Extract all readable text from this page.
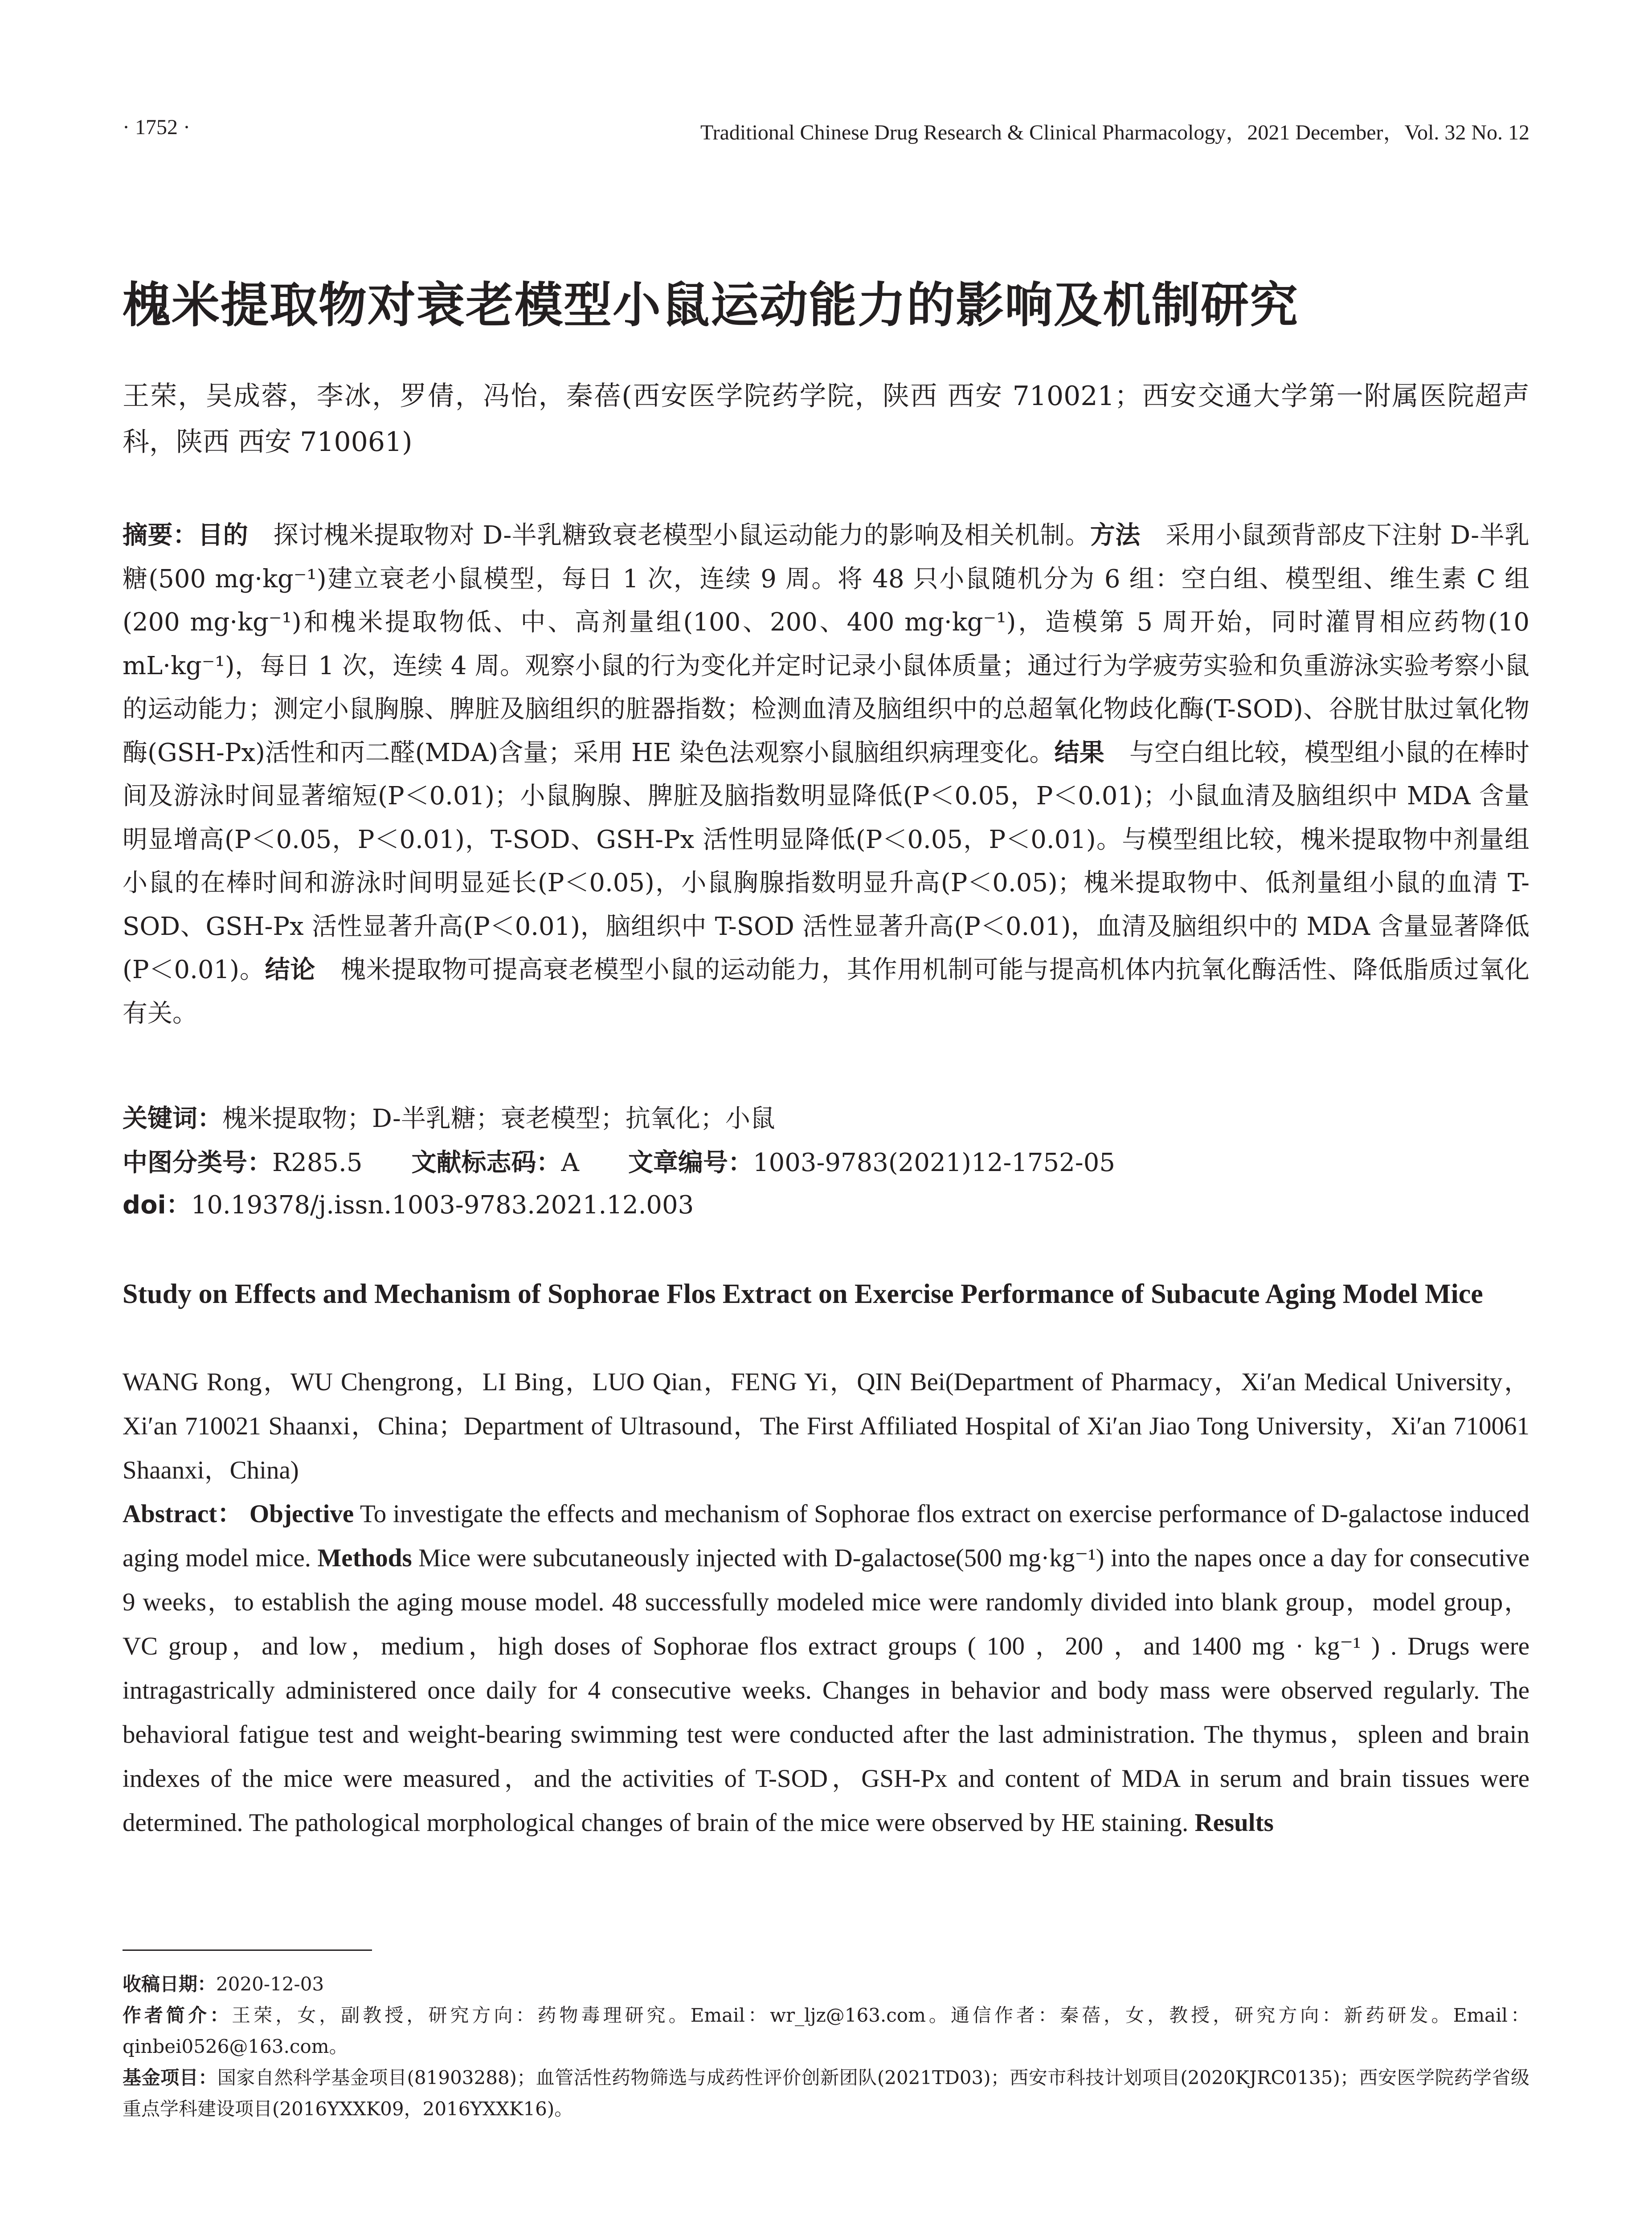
· 1752 ·	Traditional Chinese Drug Research & Clinical Pharmacology，2021 December，Vol. 32 No. 12
槐米提取物对衰老模型小鼠运动能力的影响及机制研究
王荣，吴成蓉，李冰，罗倩，冯怡，秦蓓(西安医学院药学院，陕西 西安 710021；西安交通大学第一附属医院超声科，陕西 西安 710061)
摘要：目的　探讨槐米提取物对 D-半乳糖致衰老模型小鼠运动能力的影响及相关机制。方法　采用小鼠颈背部皮下注射 D-半乳糖(500 mg·kg⁻¹)建立衰老小鼠模型，每日 1 次，连续 9 周。将 48 只小鼠随机分为 6 组：空白组、模型组、维生素 C 组(200 mg·kg⁻¹)和槐米提取物低、中、高剂量组(100、200、400 mg·kg⁻¹)，造模第 5 周开始，同时灌胃相应药物(10 mL·kg⁻¹)，每日 1 次，连续 4 周。观察小鼠的行为变化并定时记录小鼠体质量；通过行为学疲劳实验和负重游泳实验考察小鼠的运动能力；测定小鼠胸腺、脾脏及脑组织的脏器指数；检测血清及脑组织中的总超氧化物歧化酶(T-SOD)、谷胱甘肽过氧化物酶(GSH-Px)活性和丙二醛(MDA)含量；采用 HE 染色法观察小鼠脑组织病理变化。结果　与空白组比较，模型组小鼠的在棒时间及游泳时间显著缩短(P＜0.01)；小鼠胸腺、脾脏及脑指数明显降低(P＜0.05，P＜0.01)；小鼠血清及脑组织中 MDA 含量明显增高(P＜0.05，P＜0.01)，T-SOD、GSH-Px 活性明显降低(P＜0.05，P＜0.01)。与模型组比较，槐米提取物中剂量组小鼠的在棒时间和游泳时间明显延长(P＜0.05)，小鼠胸腺指数明显升高(P＜0.05)；槐米提取物中、低剂量组小鼠的血清 T-SOD、GSH-Px 活性显著升高(P＜0.01)，脑组织中 T-SOD 活性显著升高(P＜0.01)，血清及脑组织中的 MDA 含量显著降低(P＜0.01)。结论　槐米提取物可提高衰老模型小鼠的运动能力，其作用机制可能与提高机体内抗氧化酶活性、降低脂质过氧化有关。
关键词：槐米提取物；D-半乳糖；衰老模型；抗氧化；小鼠
中图分类号：R285.5 文献标志码：A 文章编号：1003-9783(2021)12-1752-05
doi：10.19378/j.issn.1003-9783.2021.12.003
Study on Effects and Mechanism of Sophorae Flos Extract on Exercise Performance of Subacute Aging Model Mice
WANG Rong，WU Chengrong，LI Bing，LUO Qian，FENG Yi，QIN Bei(Department of Pharmacy，Xi′an Medical University，Xi′an 710021 Shaanxi，China；Department of Ultrasound，The First Affiliated Hospital of Xi′an Jiao Tong University，Xi′an 710061 Shaanxi，China)
Abstract： Objective To investigate the effects and mechanism of Sophorae flos extract on exercise performance of D-galactose induced aging model mice. Methods Mice were subcutaneously injected with D-galactose(500 mg·kg⁻¹) into the napes once a day for consecutive 9 weeks，to establish the aging mouse model. 48 successfully modeled mice were randomly divided into blank group，model group，VC group，and low，medium，high doses of Sophorae flos extract groups ( 100 ，200 ，and 1400 mg · kg⁻¹ ) . Drugs were intragastrically administered once daily for 4 consecutive weeks. Changes in behavior and body mass were observed regularly. The behavioral fatigue test and weight-bearing swimming test were conducted after the last administration. The thymus，spleen and brain indexes of the mice were measured，and the activities of T-SOD，GSH-Px and content of MDA in serum and brain tissues were determined. The pathological morphological changes of brain of the mice were observed by HE staining. Results

收稿日期：2020-12-03

作者简介：王荣，女，副教授，研究方向：药物毒理研究。Email：wr_ljz@163.com。通信作者：秦蓓，女，教授，研究方向：新药研发。Email：qinbei0526@163.com。

基金项目：国家自然科学基金项目(81903288)；血管活性药物筛选与成药性评价创新团队(2021TD03)；西安市科技计划项目(2020KJRC0135)；西安医学院药学省级重点学科建设项目(2016YXXK09，2016YXXK16)。
